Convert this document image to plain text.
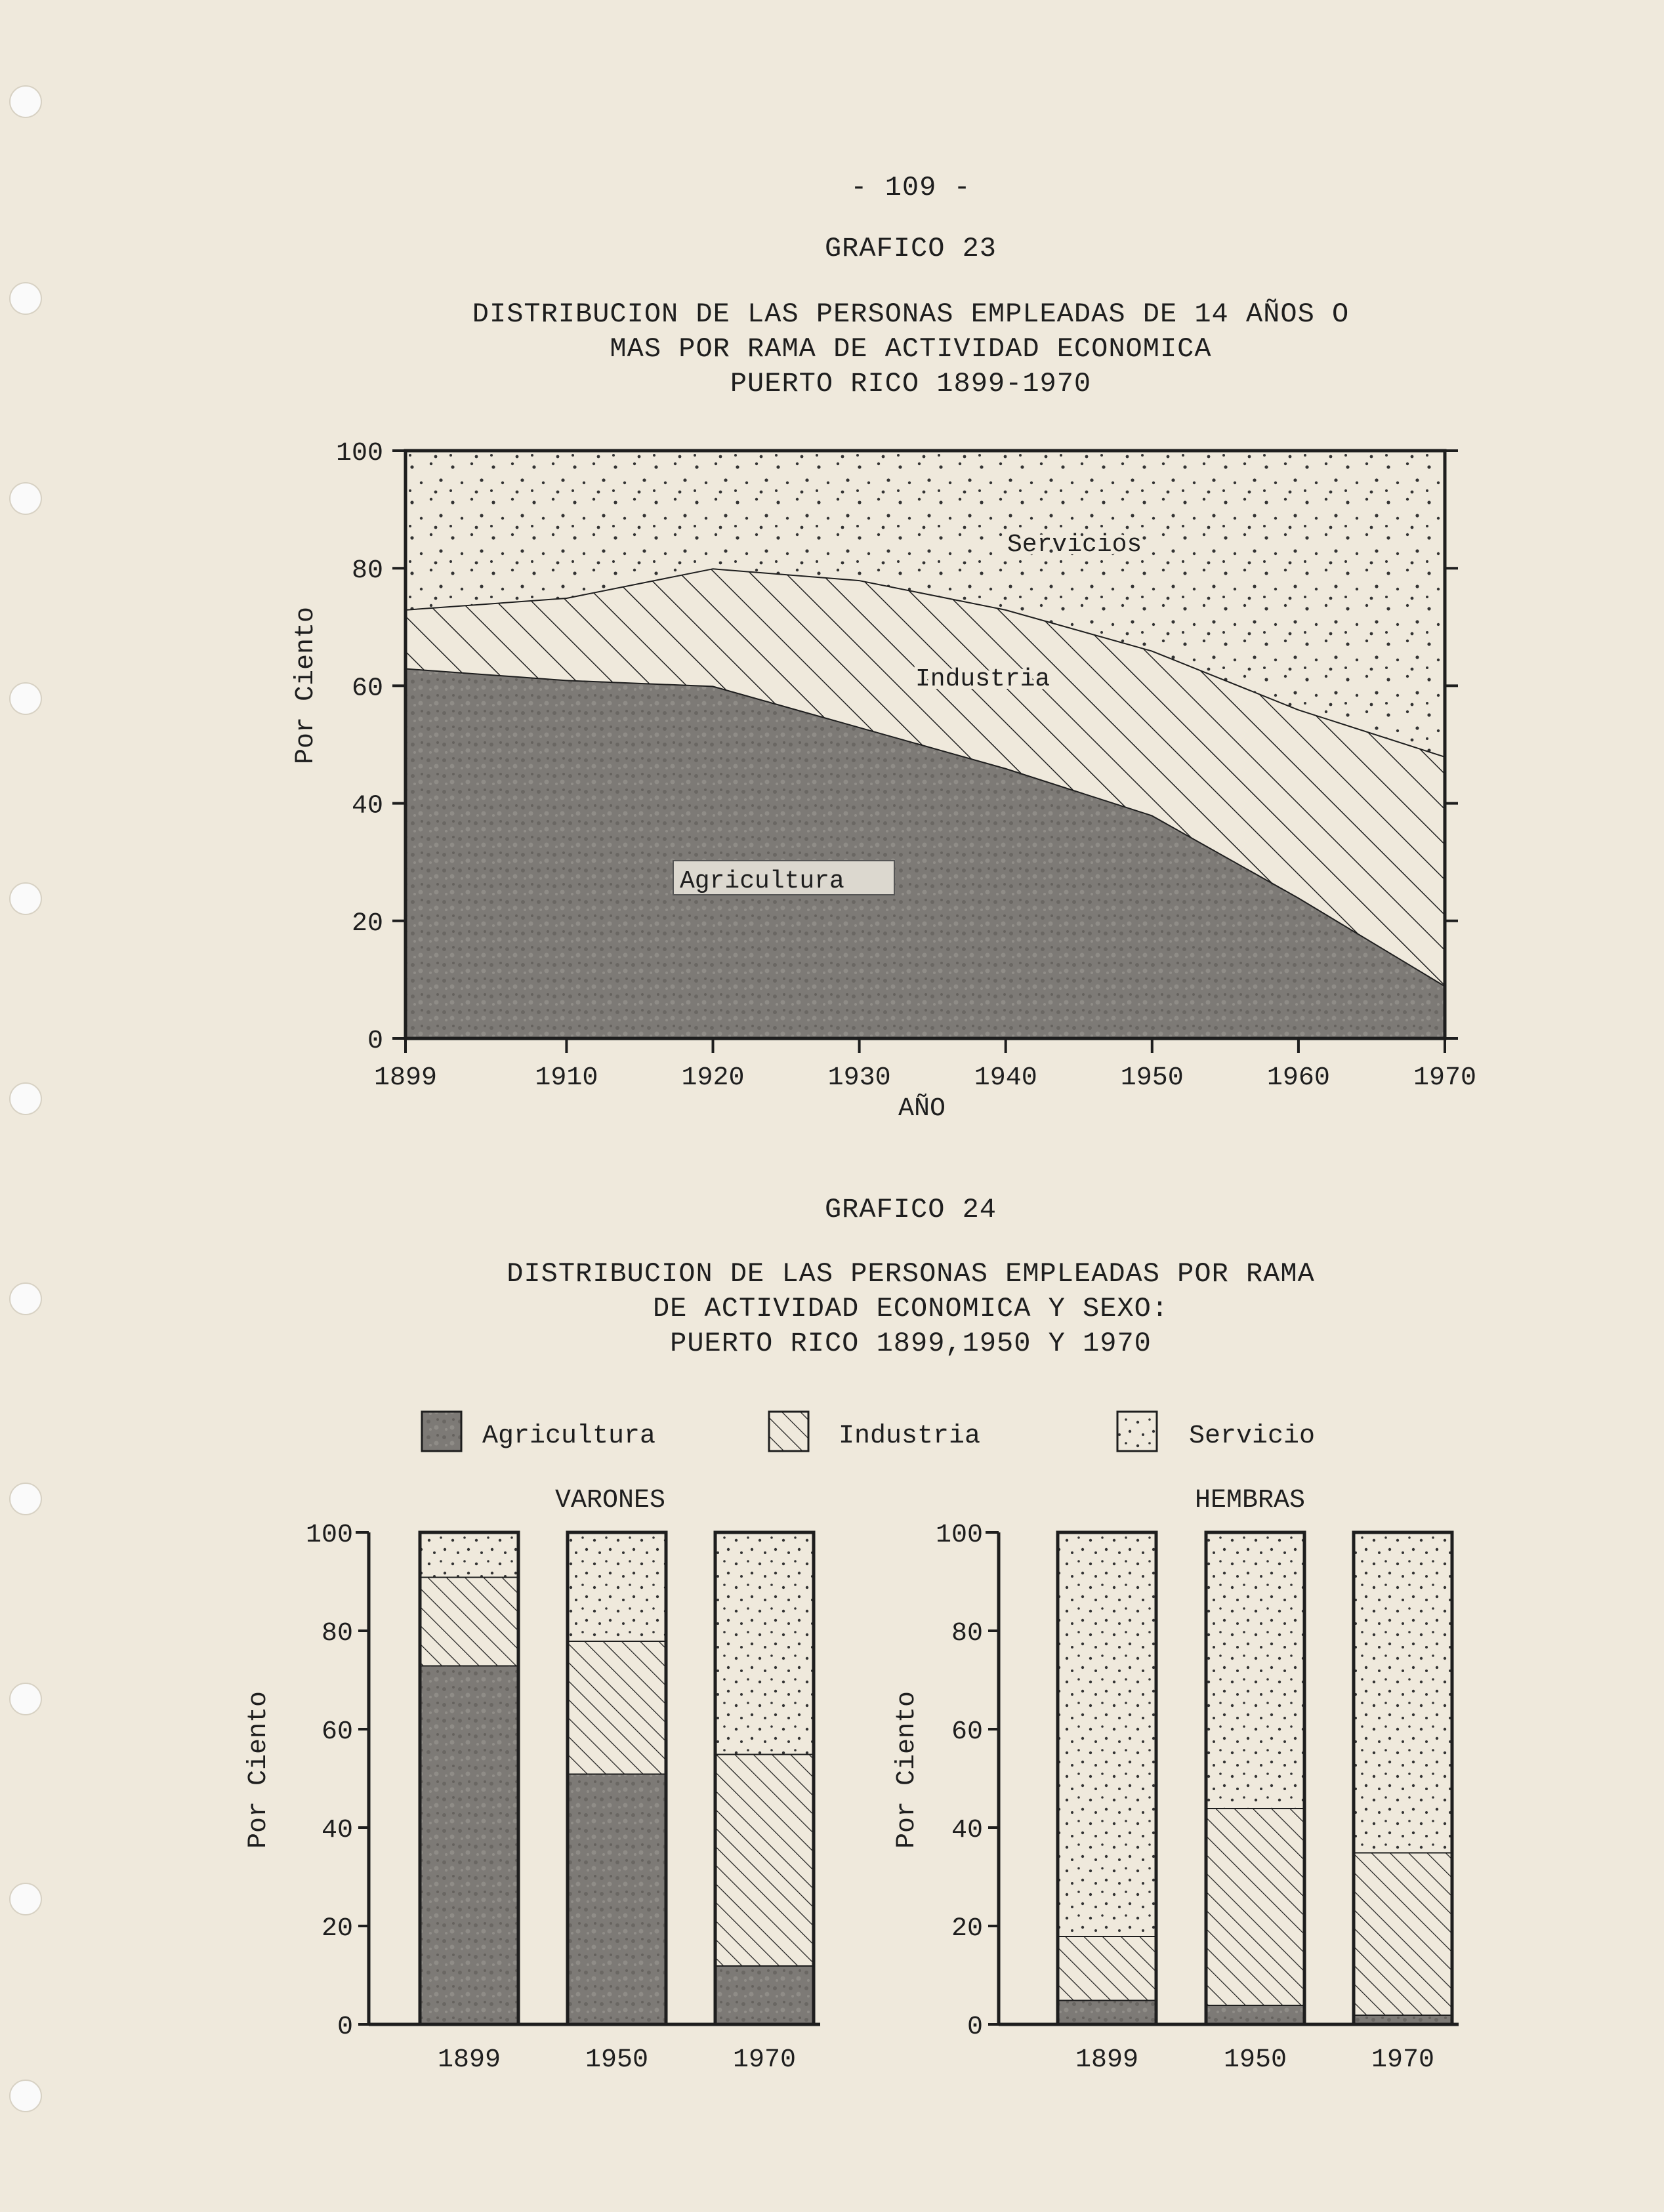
- 109 -
GRAFICO 23
DISTRIBUCION DE LAS PERSONAS EMPLEADAS DE 14 AÑOS O
MAS POR RAMA DE ACTIVIDAD ECONOMICA
PUERTO RICO 1899-1970
GRAFICO 24
DISTRIBUCION DE LAS PERSONAS EMPLEADAS POR RAMA
DE ACTIVIDAD ECONOMICA Y SEXO:
PUERTO RICO 1899,1950 Y 1970
0
20
40
60
80
100
1899	1910	1920	1930	1940	1950	1960	1970
Servicios
Industria
Agricultura
Por Ciento
AÑO
Agricultura	Industria	Servicio
VARONES	HEMBRAS
Por Ciento	Por Ciento
0
20
40
60
80
100
1899	1950	1970
0
20
40
60
80
100
1899	1950	1970
